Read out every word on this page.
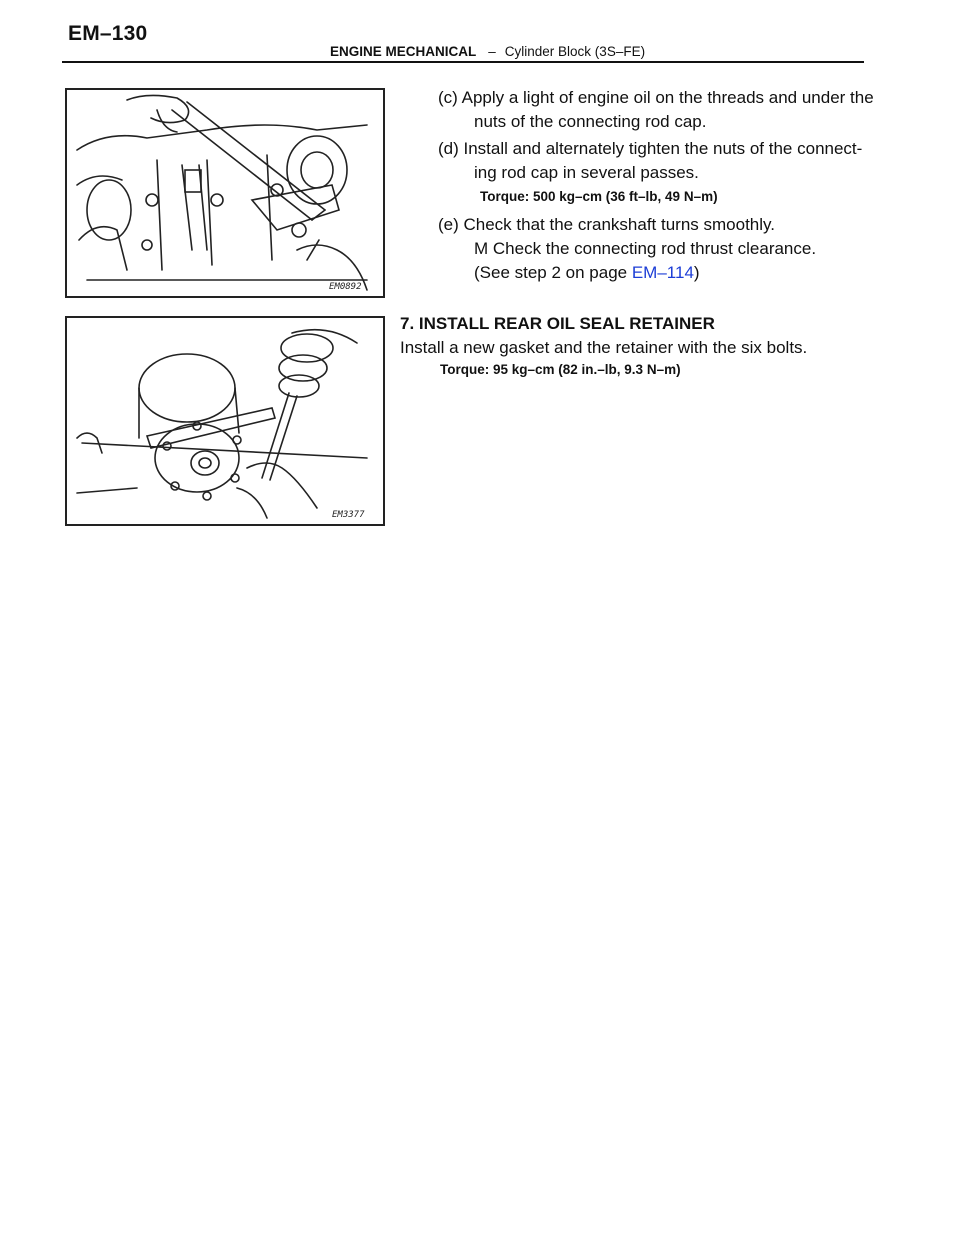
EM–130
ENGINE MECHANICAL – Cylinder Block (3S–FE)
EM0892
EM3377
(c) Apply a light of engine oil on the threads and under the
nuts of the connecting rod cap.
(d) Install and alternately tighten the nuts of the connect-
ing rod cap in several passes.
Torque: 500 kg–cm (36 ft–lb, 49 N–m)
(e) Check that the crankshaft turns smoothly.
M Check the connecting rod thrust clearance.
(See step 2 on page EM–114)
7. INSTALL REAR OIL SEAL RETAINER
Install a new gasket and the retainer with the six bolts.
Torque: 95 kg–cm (82 in.–lb, 9.3 N–m)
